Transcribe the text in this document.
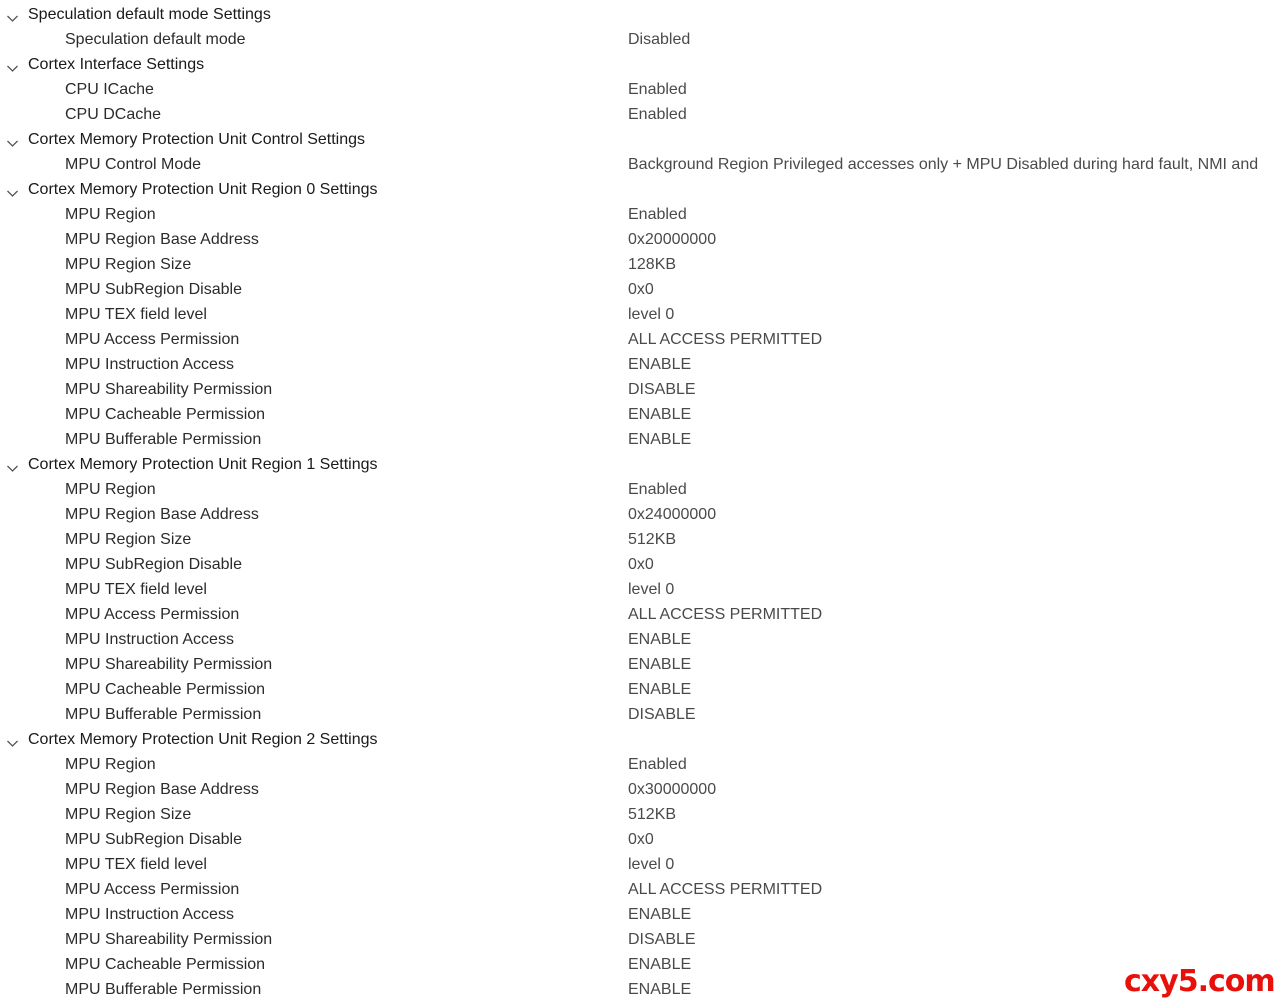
Speculation default mode Settings
Speculation default mode	Disabled
Cortex Interface Settings
CPU ICache	Enabled
CPU DCache	Enabled
Cortex Memory Protection Unit Control Settings
MPU Control Mode	Background Region Privileged accesses only + MPU Disabled during hard fault, NMI and
Cortex Memory Protection Unit Region 0 Settings
MPU Region	Enabled
MPU Region Base Address	0x20000000
MPU Region Size	128KB
MPU SubRegion Disable	0x0
MPU TEX field level	level 0
MPU Access Permission	ALL ACCESS PERMITTED
MPU Instruction Access	ENABLE
MPU Shareability Permission	DISABLE
MPU Cacheable Permission	ENABLE
MPU Bufferable Permission	ENABLE
Cortex Memory Protection Unit Region 1 Settings
MPU Region	Enabled
MPU Region Base Address	0x24000000
MPU Region Size	512KB
MPU SubRegion Disable	0x0
MPU TEX field level	level 0
MPU Access Permission	ALL ACCESS PERMITTED
MPU Instruction Access	ENABLE
MPU Shareability Permission	ENABLE
MPU Cacheable Permission	ENABLE
MPU Bufferable Permission	DISABLE
Cortex Memory Protection Unit Region 2 Settings
MPU Region	Enabled
MPU Region Base Address	0x30000000
MPU Region Size	512KB
MPU SubRegion Disable	0x0
MPU TEX field level	level 0
MPU Access Permission	ALL ACCESS PERMITTED
MPU Instruction Access	ENABLE
MPU Shareability Permission	DISABLE
MPU Cacheable Permission	ENABLE
MPU Bufferable Permission	ENABLE	cxy5.com
